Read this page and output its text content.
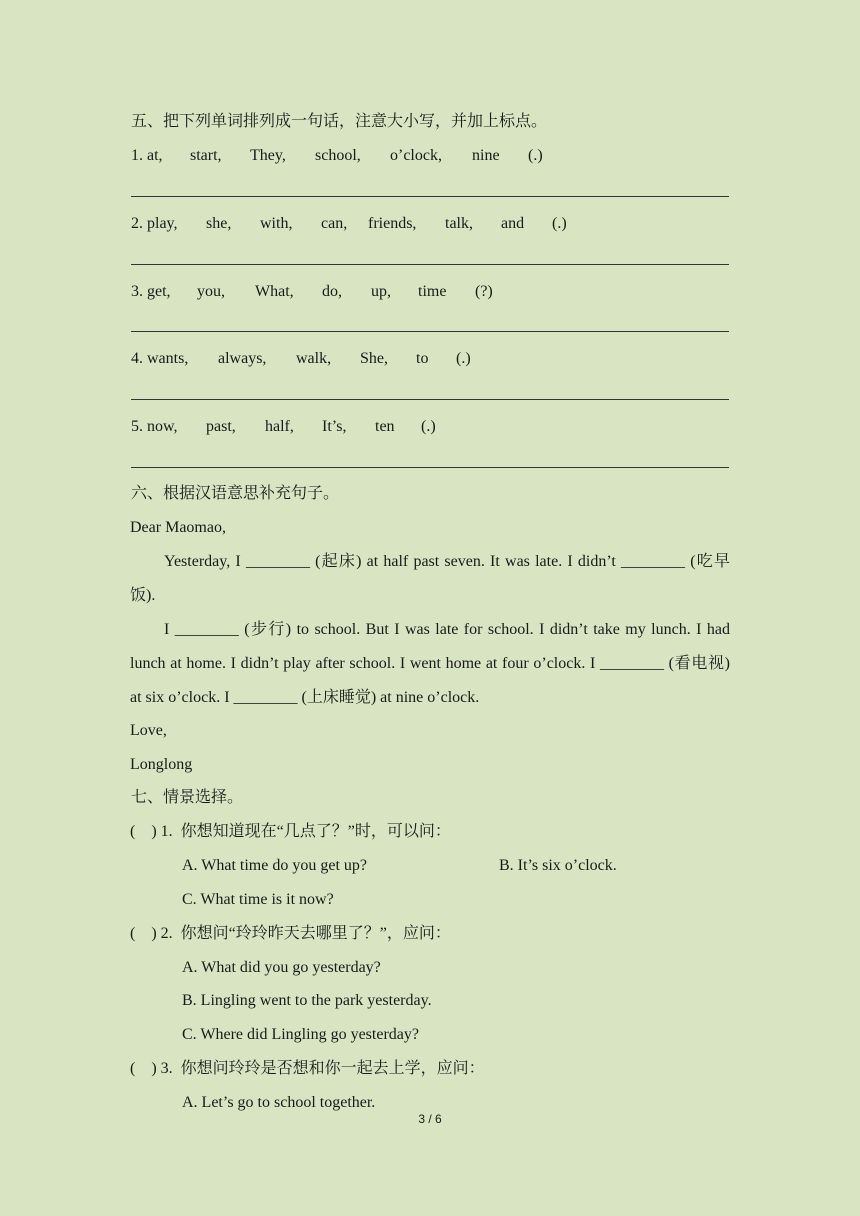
五、把下列单词排列成一句话，注意大小写，并加上标点。
1. at, start, They, school, o’clock, nine (.)
2. play, she, with, can, friends, talk, and (.)
3. get, you, What, do, up, time (?)
4. wants, always, walk, She, to (.)
5. now, past, half, It’s, ten (.)
六、根据汉语意思补充句子。
Dear Maomao,
Yesterday, I ________ (起床) at half past seven. It was late. I didn’t ________ (吃早饭).
I ________ (步行) to school. But I was late for school. I didn’t take my lunch. I had lunch at home. I didn’t play after school. I went home at four o’clock. I ________ (看电视) at six o’clock. I ________ (上床睡觉) at nine o’clock.
Love,
Longlong
七、情景选择。
(    ) 1.  你想知道现在“几点了？”时，可以问：
A. What time do you get up?	B. It’s six o’clock.
C. What time is it now?
(    ) 2.  你想问“玲玲昨天去哪里了？”，应问：
A. What did you go yesterday?
B. Lingling went to the park yesterday.
C. Where did Lingling go yesterday?
(    ) 3.  你想问玲玲是否想和你一起去上学，应问：
A. Let’s go to school together.
3 / 6
